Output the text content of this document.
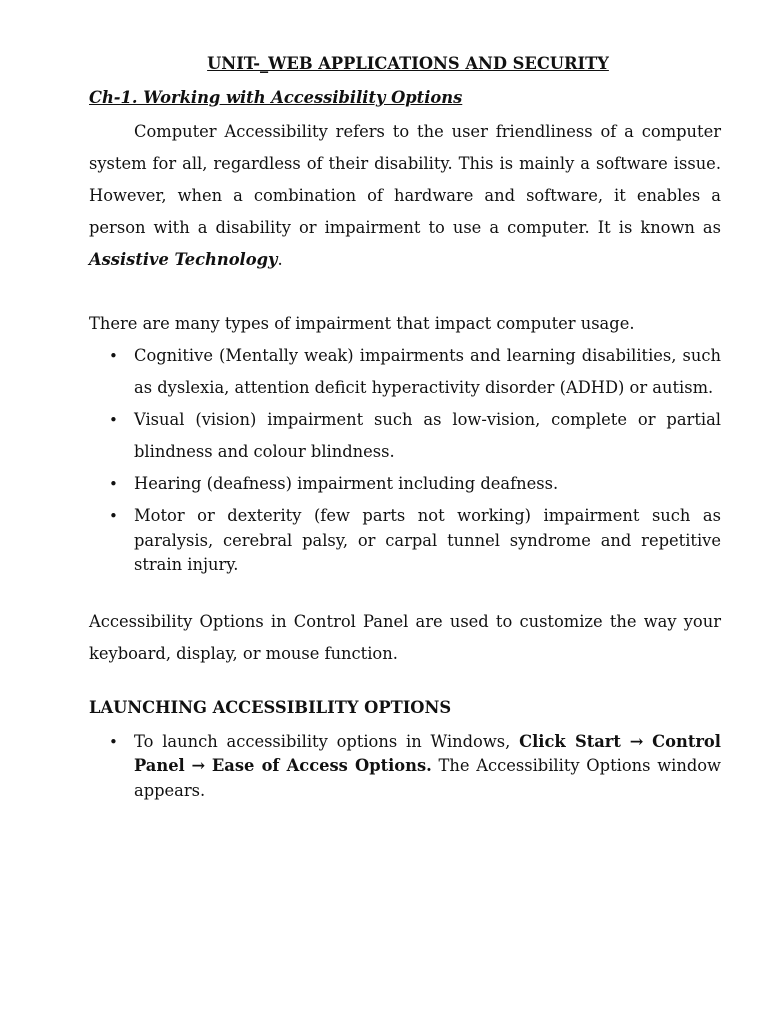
UNIT-_WEB APPLICATIONS AND SECURITY

Ch-1. Working with Accessibility Options

Computer Accessibility refers to the user friendliness of a computer system for all, regardless of their disability. This is mainly a software issue. However, when a combination of hardware and software, it enables a person with a disability or impairment to use a computer. It is known as Assistive Technology.

There are many types of impairment that impact computer usage.

• Cognitive (Mentally weak) impairments and learning disabilities, such as dyslexia, attention deficit hyperactivity disorder (ADHD) or autism.
• Visual (vision) impairment such as low-vision, complete or partial blindness and colour blindness.
• Hearing (deafness) impairment including deafness.
• Motor or dexterity (few parts not working) impairment such as paralysis, cerebral palsy, or carpal tunnel syndrome and repetitive strain injury.

Accessibility Options in Control Panel are used to customize the way your keyboard, display, or mouse function.

LAUNCHING ACCESSIBILITY OPTIONS

• To launch accessibility options in Windows, Click Start → Control Panel → Ease of Access Options. The Accessibility Options window appears.
